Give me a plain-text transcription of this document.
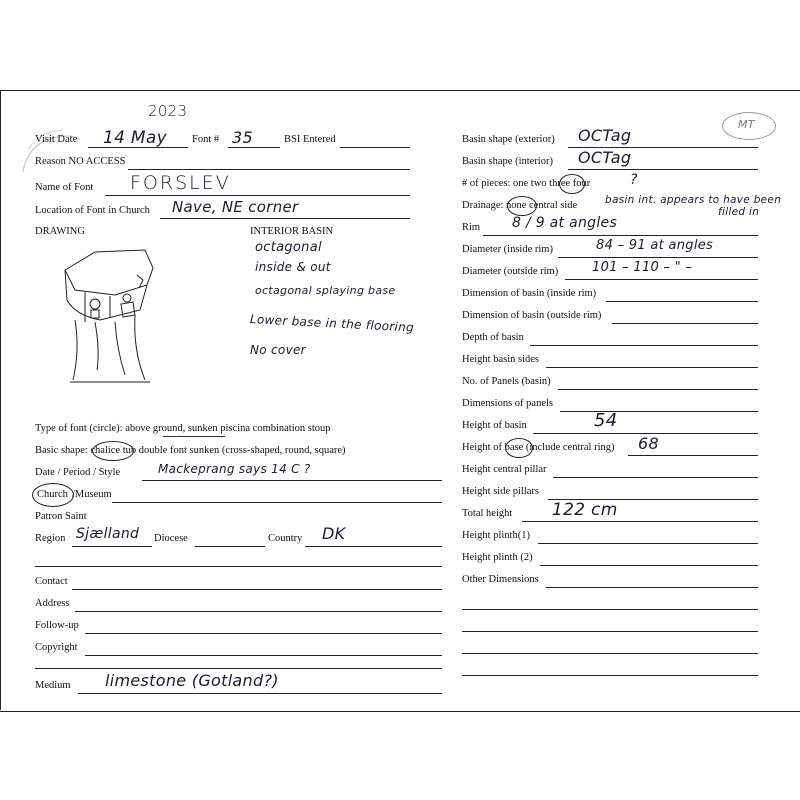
2023
MT
Visit Date 14 May Font # 35	BSI Entered
Reason NO ACCESS
Name of Font FORSLEV
Location of Font in Church Nave, NE corner
DRAWING	INTERIOR BASIN
octagonal
inside & out
octagonal splaying base
Lower base in the flooring
No cover
Type of font (circle): above ground, sunken piscina combination stoup
Basic shape: chalice tub double font sunken (cross-shaped, round, square)
Date / Period / Style	Mackeprang says 14 C ?
Church /Museum
Patron Saint
Region Sjælland Diocese	Country DK
Contact
Address
Follow-up
Copyright
Medium limestone (Gotland?)
Basin shape (exterior) OCTag
Basin shape (interior) OCTag
# of pieces: one two three four	?
Drainage: none central side	basin int. appears to have been
filled in
Rim 8 / 9 at angles
Diameter (inside rim)	84 – 91 at angles
Diameter (outside rim)	101 – 110 – " –
Dimension of basin (inside rim)
Dimension of basin (outside rim)
Depth of basin
Height basin sides
No. of Panels (basin)
Dimensions of panels
Height of basin	54
Height of base (include central ring) 68
Height central pillar
Height side pillars
Total height 122 cm
Height plinth(1)
Height plinth (2)
Other Dimensions
